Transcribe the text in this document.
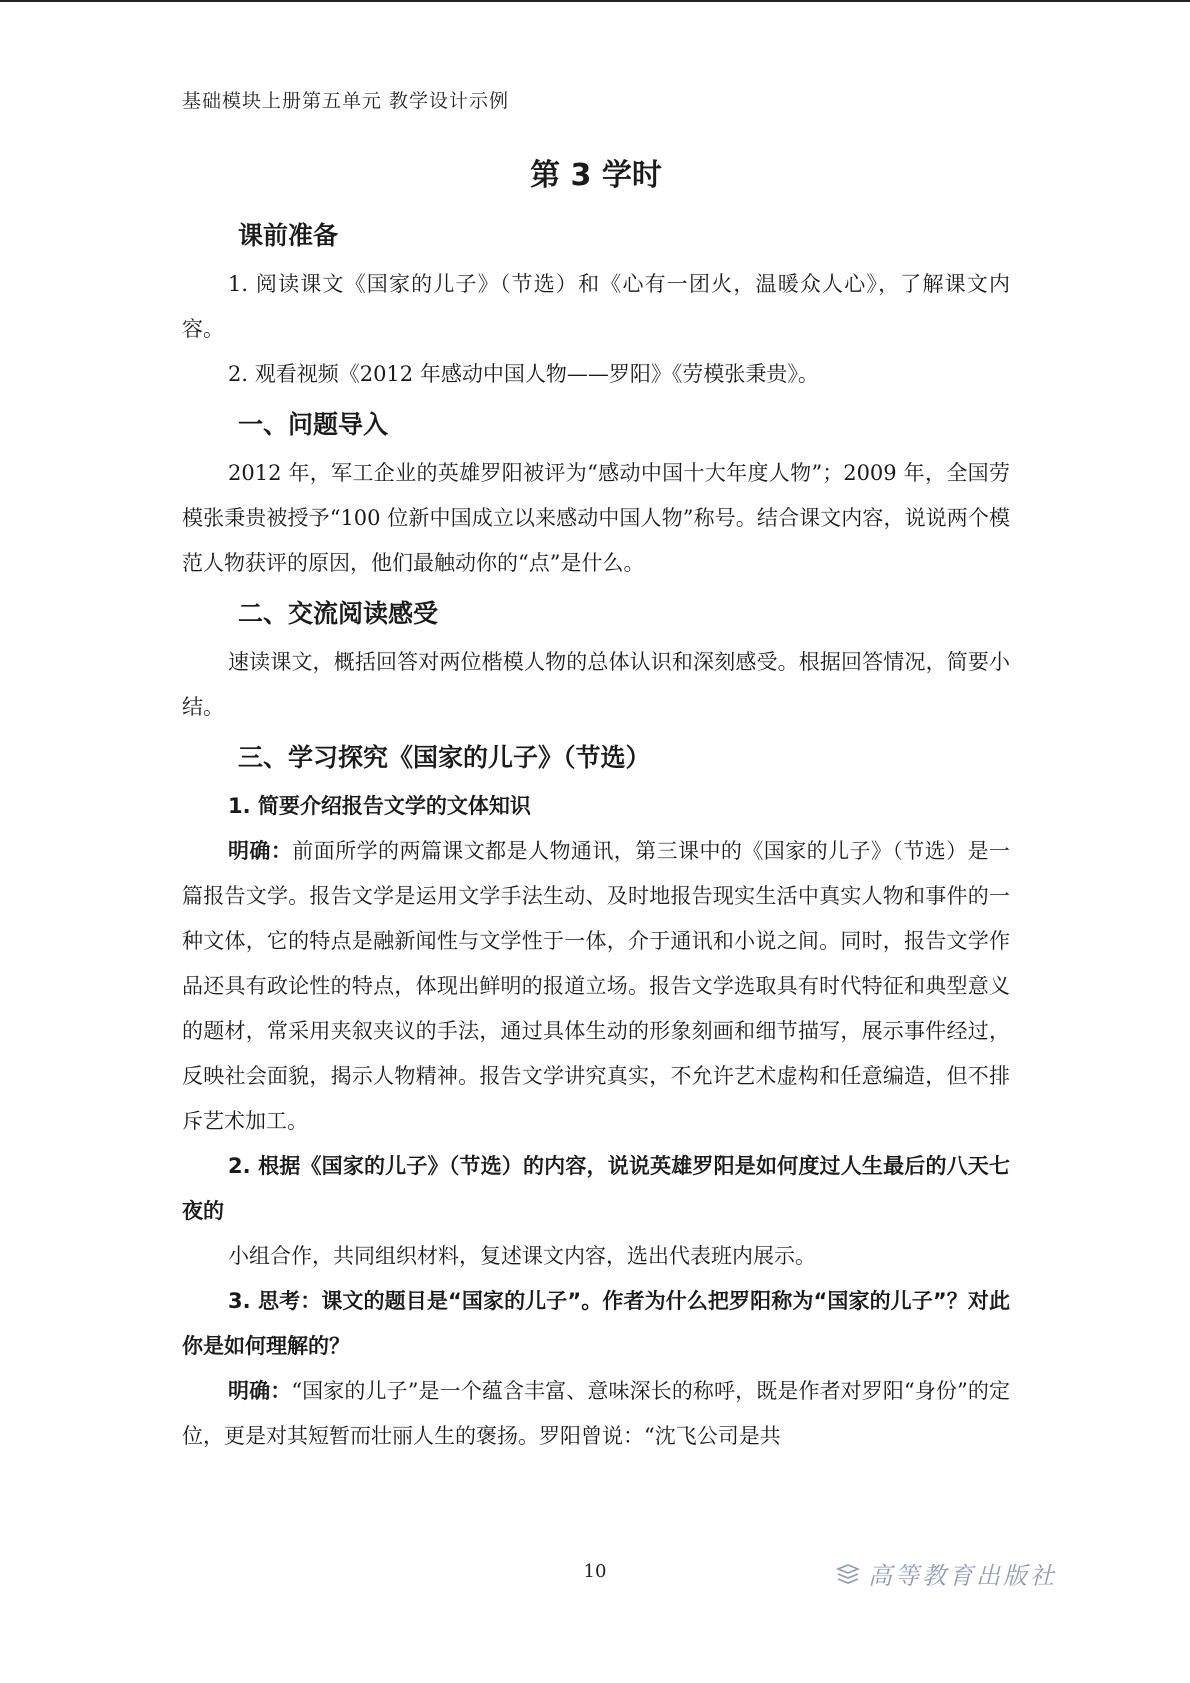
基础模块上册第五单元 教学设计示例
第 3 学时
课前准备

1. 阅读课文《国家的儿子》（节选）和《心有一团火，温暖众人心》，了解课文内容。

2. 观看视频《2012 年感动中国人物——罗阳》《劳模张秉贵》。

一、问题导入

2012 年，军工企业的英雄罗阳被评为“感动中国十大年度人物”；2009 年，全国劳模张秉贵被授予“100 位新中国成立以来感动中国人物”称号。结合课文内容，说说两个模范人物获评的原因，他们最触动你的“点”是什么。

二、交流阅读感受

速读课文，概括回答对两位楷模人物的总体认识和深刻感受。根据回答情况，简要小结。

三、学习探究《国家的儿子》（节选）

1. 简要介绍报告文学的文体知识

明确：前面所学的两篇课文都是人物通讯，第三课中的《国家的儿子》（节选）是一篇报告文学。报告文学是运用文学手法生动、及时地报告现实生活中真实人物和事件的一种文体，它的特点是融新闻性与文学性于一体，介于通讯和小说之间。同时，报告文学作品还具有政论性的特点，体现出鲜明的报道立场。报告文学选取具有时代特征和典型意义的题材，常采用夹叙夹议的手法，通过具体生动的形象刻画和细节描写，展示事件经过，反映社会面貌，揭示人物精神。报告文学讲究真实，不允许艺术虚构和任意编造，但不排斥艺术加工。

2. 根据《国家的儿子》（节选）的内容，说说英雄罗阳是如何度过人生最后的八天七夜的

小组合作，共同组织材料，复述课文内容，选出代表班内展示。

3. 思考：课文的题目是“国家的儿子”。作者为什么把罗阳称为“国家的儿子”？对此你是如何理解的？

明确：“国家的儿子”是一个蕴含丰富、意味深长的称呼，既是作者对罗阳“身份”的定位，更是对其短暂而壮丽人生的褒扬。罗阳曾说：“沈飞公司是共

10	高等教育出版社
